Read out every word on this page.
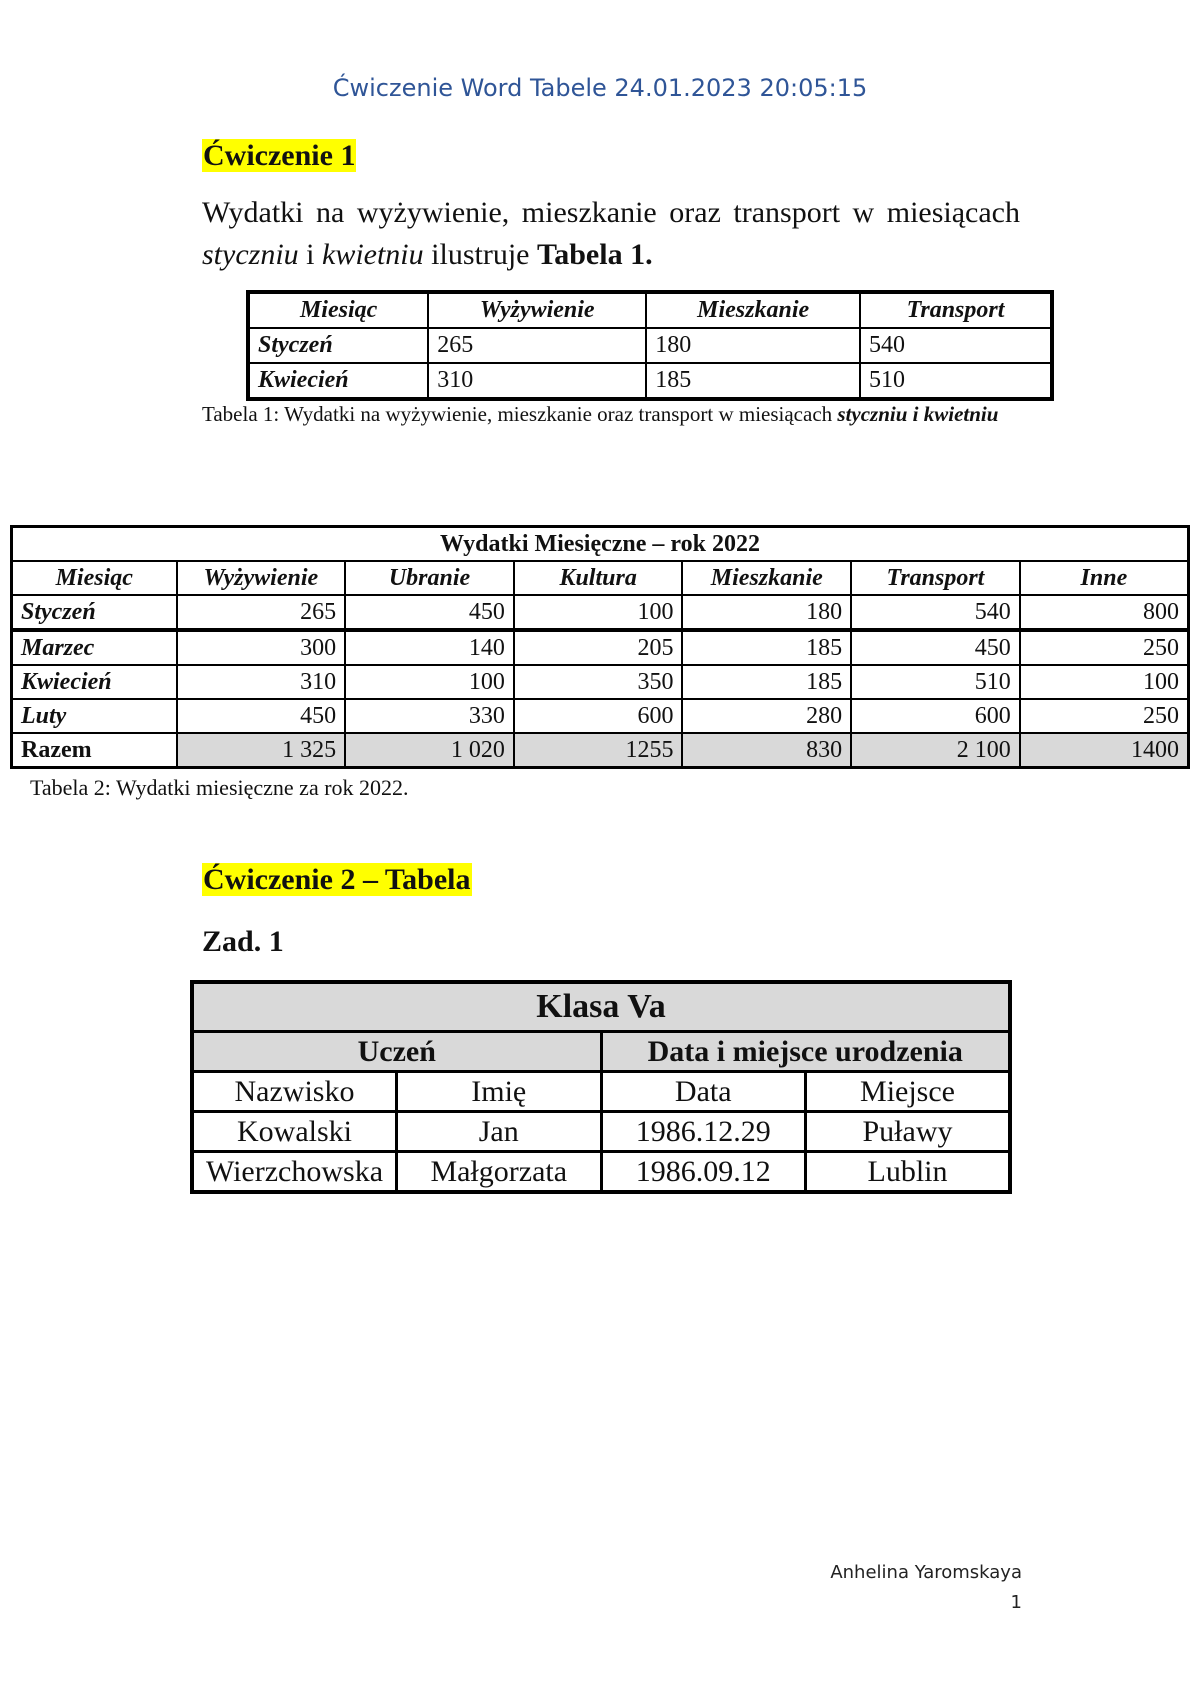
Ćwiczenie Word Tabele 24.01.2023 20:05:15
Ćwiczenie 1
Wydatki na wyżywienie, mieszkanie oraz transport w miesiącach styczniu i kwietniu ilustruje Tabela 1.
Miesiąc	Wyżywienie	Mieszkanie	Transport
Styczeń	265	180	540
Kwiecień	310	185	510
Tabela 1: Wydatki na wyżywienie, mieszkanie oraz transport w miesiącach styczniu i kwietniu
Wydatki Miesięczne – rok 2022						
Miesiąc	Wyżywienie	Ubranie	Kultura	Mieszkanie	Transport	Inne
Styczeń	265	450	100	180	540	800
Marzec	300	140	205	185	450	250
Kwiecień	310	100	350	185	510	100
Luty	450	330	600	280	600	250
Razem	1 325	1 020	1255	830	2 100	1400
Tabela 2: Wydatki miesięczne za rok 2022.
Ćwiczenie 2 – Tabela
Zad. 1
Klasa Va			
Uczeń		Data i miejsce urodzenia	
Nazwisko	Imię	Data	Miejsce
Kowalski	Jan	1986.12.29	Puławy
Wierzchowska	Małgorzata	1986.09.12	Lublin
Anhelina Yaromskaya
1
